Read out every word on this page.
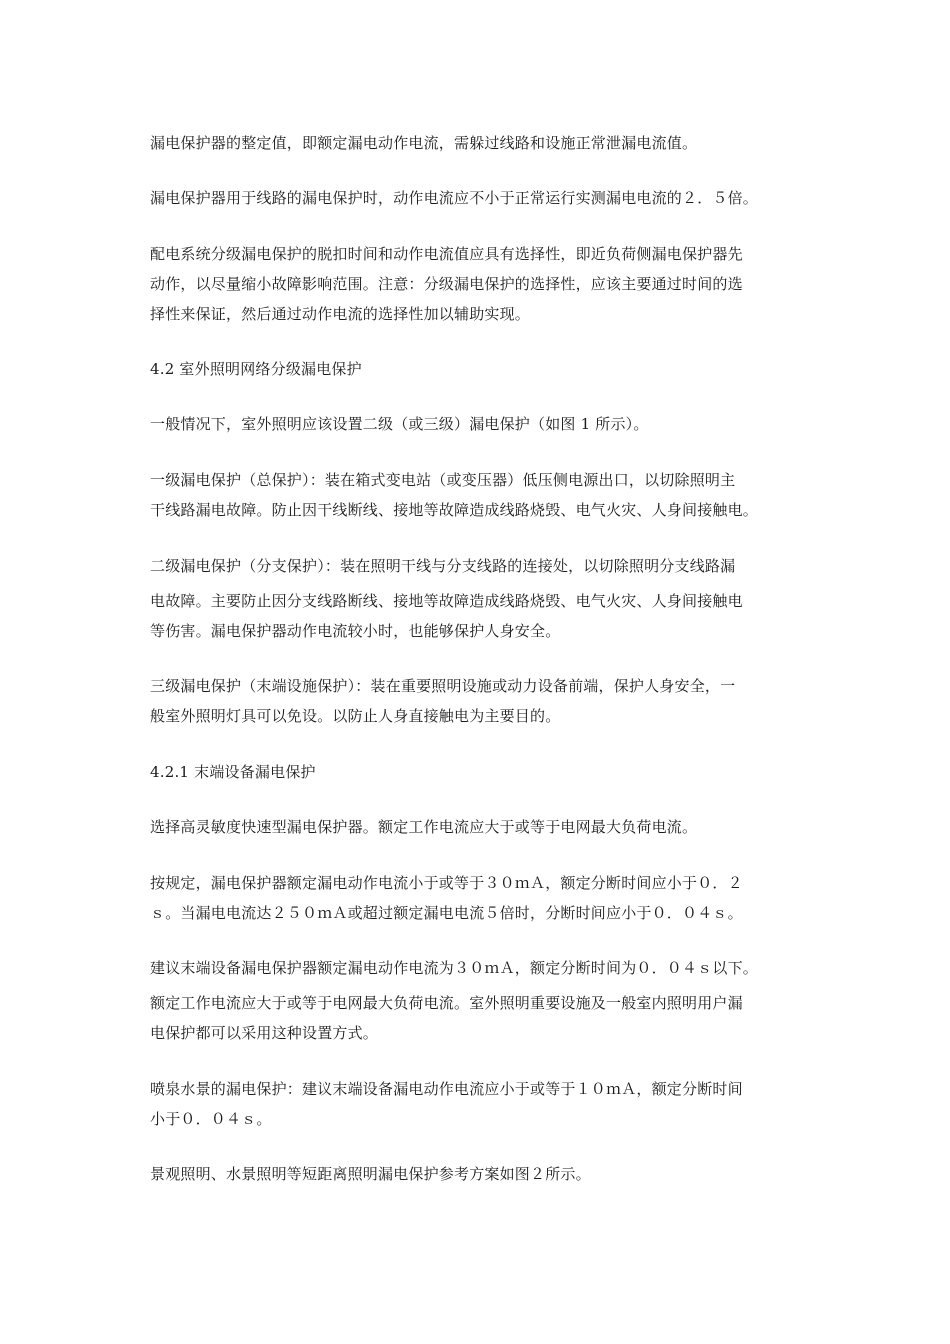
漏电保护器的整定值，即额定漏电动作电流，需躲过线路和设施正常泄漏电流值。
漏电保护器用于线路的漏电保护时，动作电流应不小于正常运行实测漏电电流的２．５倍。
配电系统分级漏电保护的脱扣时间和动作电流值应具有选择性，即近负荷侧漏电保护器先
动作，以尽量缩小故障影响范围。注意：分级漏电保护的选择性，应该主要通过时间的选
择性来保证，然后通过动作电流的选择性加以辅助实现。
4.2 室外照明网络分级漏电保护
一般情况下，室外照明应该设置二级（或三级）漏电保护（如图 1 所示）。
一级漏电保护（总保护）：装在箱式变电站（或变压器）低压侧电源出口，以切除照明主
干线路漏电故障。防止因干线断线、接地等故障造成线路烧毁、电气火灾、人身间接触电。
二级漏电保护（分支保护）：装在照明干线与分支线路的连接处，以切除照明分支线路漏
电故障。主要防止因分支线路断线、接地等故障造成线路烧毁、电气火灾、人身间接触电
等伤害。漏电保护器动作电流较小时，也能够保护人身安全。
三级漏电保护（末端设施保护）：装在重要照明设施或动力设备前端，保护人身安全，一
般室外照明灯具可以免设。以防止人身直接触电为主要目的。
4.2.1 末端设备漏电保护
选择高灵敏度快速型漏电保护器。额定工作电流应大于或等于电网最大负荷电流。
按规定，漏电保护器额定漏电动作电流小于或等于３０ｍＡ，额定分断时间应小于０．２
ｓ。当漏电电流达２５０ｍＡ或超过额定漏电电流５倍时，分断时间应小于０．０４ｓ。
建议末端设备漏电保护器额定漏电动作电流为３０ｍＡ，额定分断时间为０．０４ｓ以下。
额定工作电流应大于或等于电网最大负荷电流。室外照明重要设施及一般室内照明用户漏
电保护都可以采用这种设置方式。
喷泉水景的漏电保护：建议末端设备漏电动作电流应小于或等于１０ｍＡ，额定分断时间
小于０．０４ｓ。
景观照明、水景照明等短距离照明漏电保护参考方案如图２所示。
